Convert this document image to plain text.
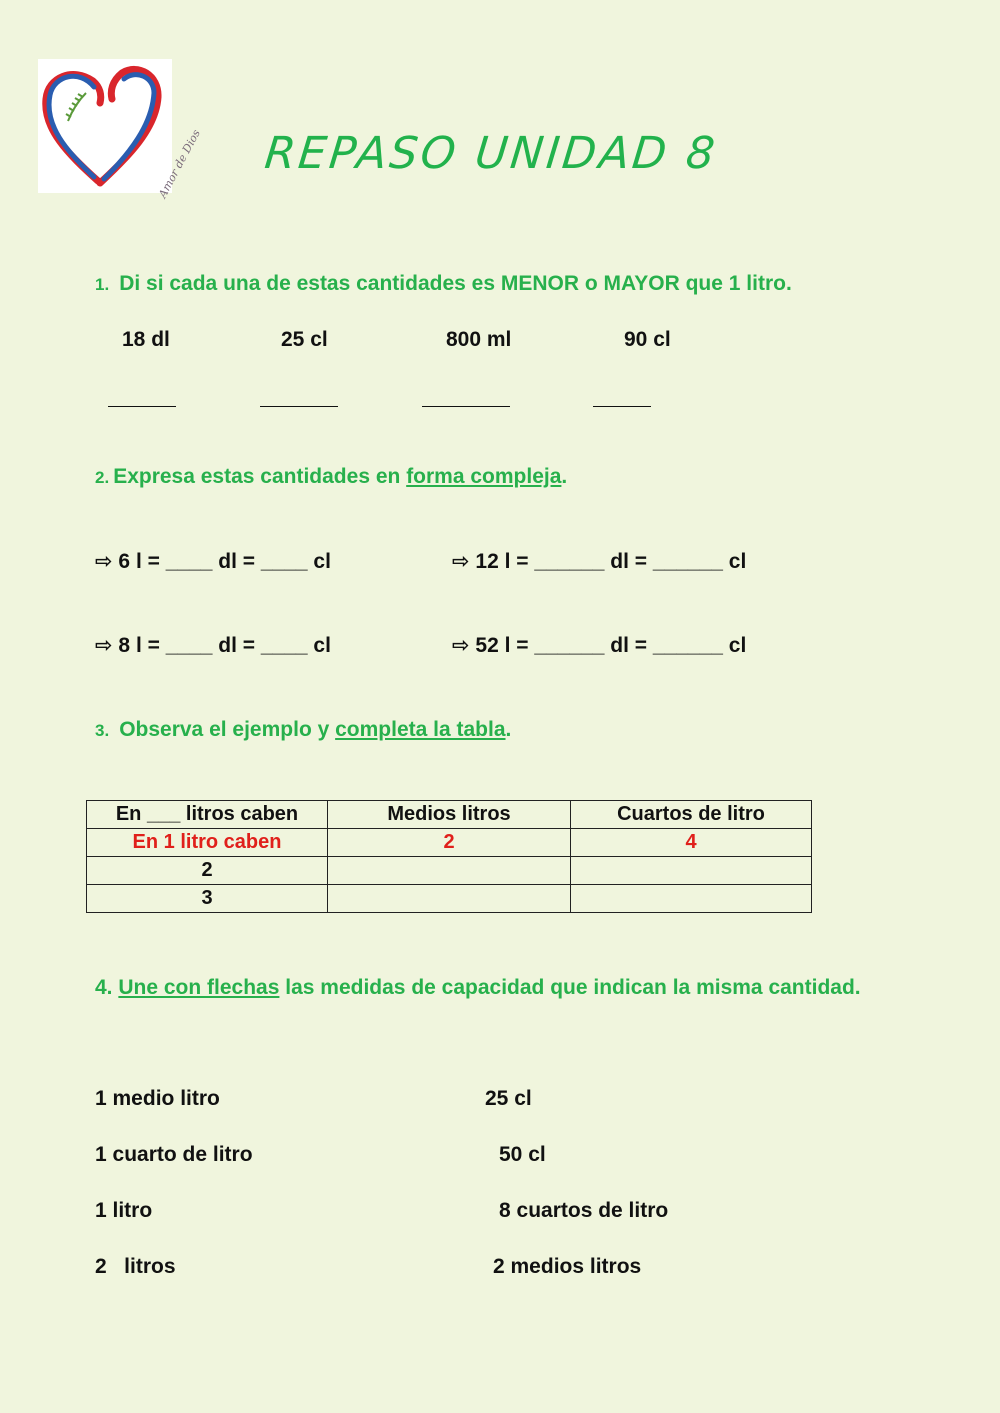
Amor de Dios REPASO UNIDAD 8
1. Di si cada una de estas cantidades es MENOR o MAYOR que 1 litro.
18 dl	25 cl	800 ml	90 cl
2. Expresa estas cantidades en forma compleja.
⇨ 6 l = ____ dl = ____ cl	⇨ 12 l = ______ dl = ______ cl
⇨ 8 l = ____ dl = ____ cl	⇨ 52 l = ______ dl = ______ cl
3. Observa el ejemplo y completa la tabla.
En ___ litros caben	Medios litros	Cuartos de litro
En 1 litro caben	2	4
2		
3		
4. Une con flechas las medidas de capacidad que indican la misma cantidad.
1 medio litro
1 cuarto de litro
1 litro
2   litros
25 cl
50 cl
8 cuartos de litro
2 medios litros
